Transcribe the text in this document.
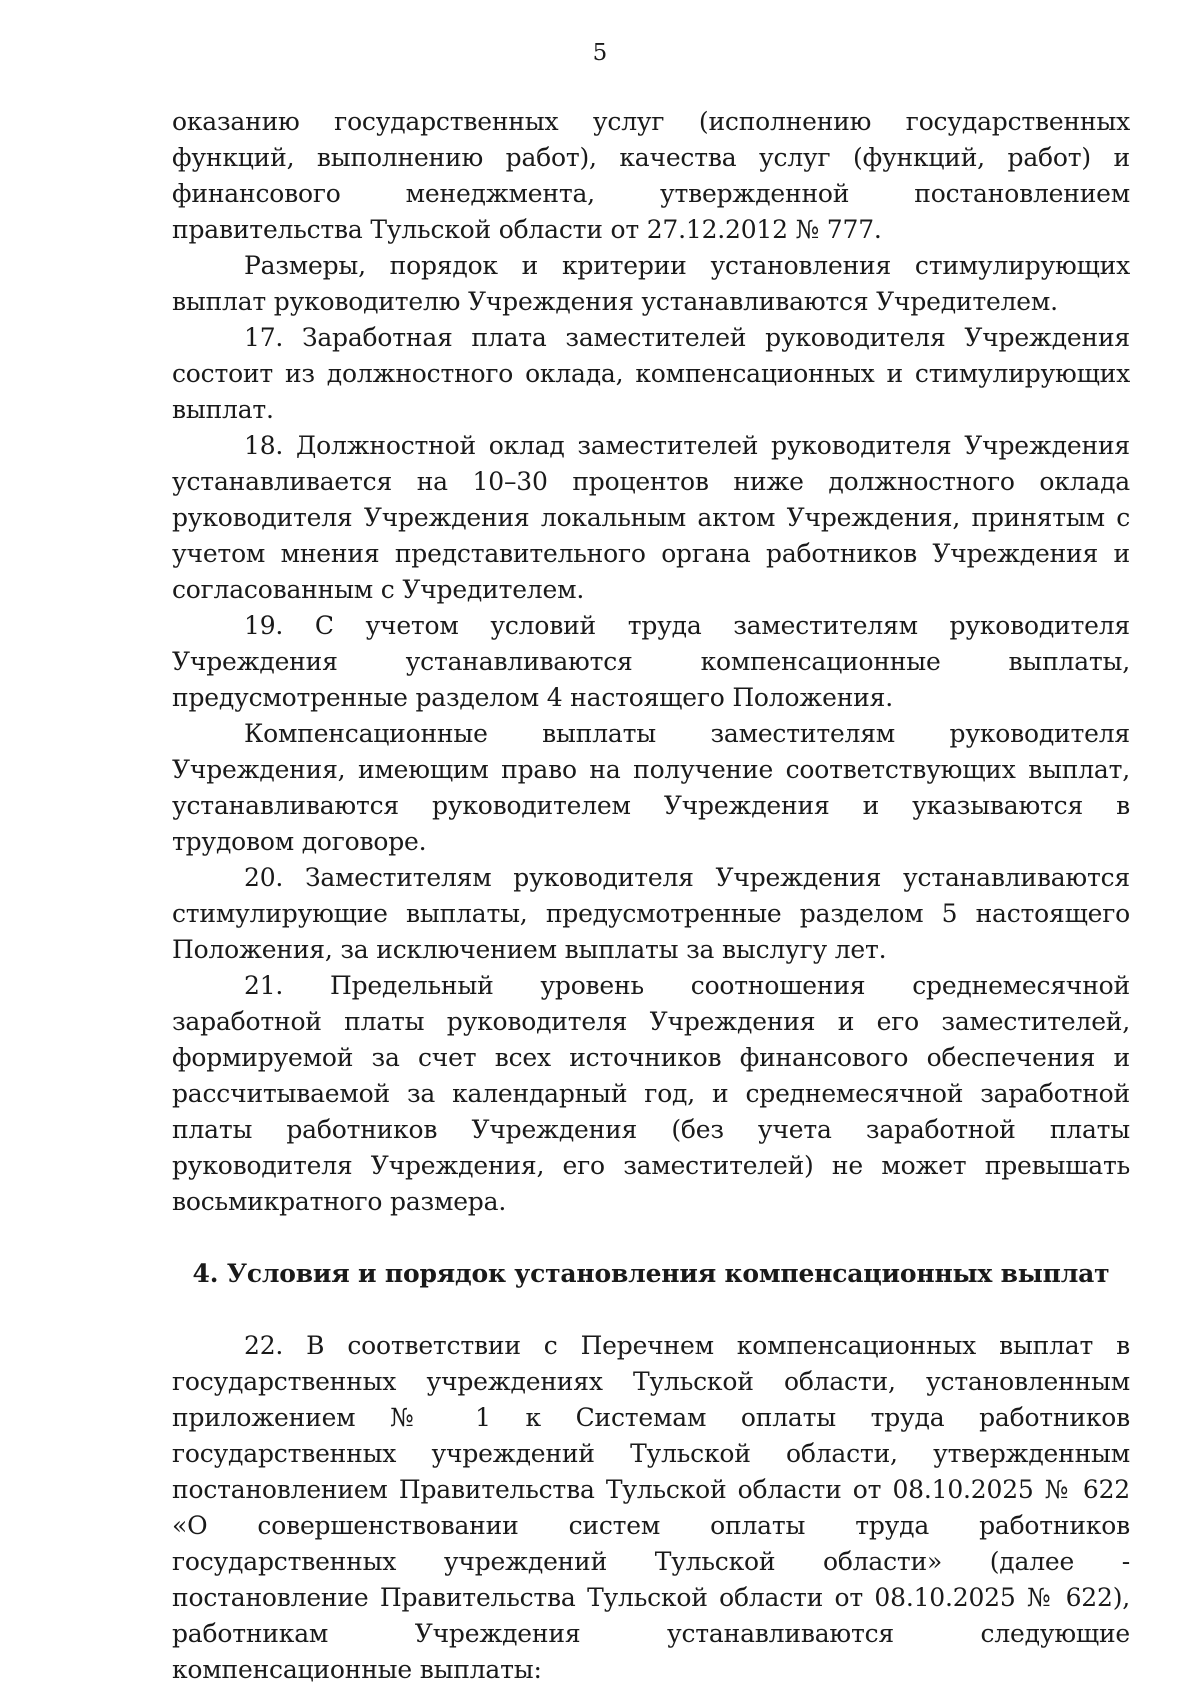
5

оказанию государственных услуг (исполнению государственных функций, выполнению работ), качества услуг (функций, работ) и финансового менеджмента, утвержденной постановлением правительства Тульской области от 27.12.2012 № 777.

Размеры, порядок и критерии установления стимулирующих выплат руководителю Учреждения устанавливаются Учредителем.

17. Заработная плата заместителей руководителя Учреждения состоит из должностного оклада, компенсационных и стимулирующих выплат.

18. Должностной оклад заместителей руководителя Учреждения устанавливается на 10–30 процентов ниже должностного оклада руководителя Учреждения локальным актом Учреждения, принятым с учетом мнения представительного органа работников Учреждения и согласованным с Учредителем.

19. С учетом условий труда заместителям руководителя Учреждения устанавливаются компенсационные выплаты, предусмотренные разделом 4 настоящего Положения.

Компенсационные выплаты заместителям руководителя Учреждения, имеющим право на получение соответствующих выплат, устанавливаются руководителем Учреждения и указываются в трудовом договоре.

20. Заместителям руководителя Учреждения устанавливаются стимулирующие выплаты, предусмотренные разделом 5 настоящего Положения, за исключением выплаты за выслугу лет.

21. Предельный уровень соотношения среднемесячной заработной платы руководителя Учреждения и его заместителей, формируемой за счет всех источников финансового обеспечения и рассчитываемой за календарный год, и среднемесячной заработной платы работников Учреждения (без учета заработной платы руководителя Учреждения, его заместителей) не может превышать восьмикратного размера.

4. Условия и порядок установления компенсационных выплат

22. В соответствии с Перечнем компенсационных выплат в государственных учреждениях Тульской области, установленным приложением № 1 к Системам оплаты труда работников государственных учреждений Тульской области, утвержденным постановлением Правительства Тульской области от 08.10.2025 № 622 «О совершенствовании систем оплаты труда работников государственных учреждений Тульской области» (далее - постановление Правительства Тульской области от 08.10.2025 № 622), работникам Учреждения устанавливаются следующие компенсационные выплаты:
